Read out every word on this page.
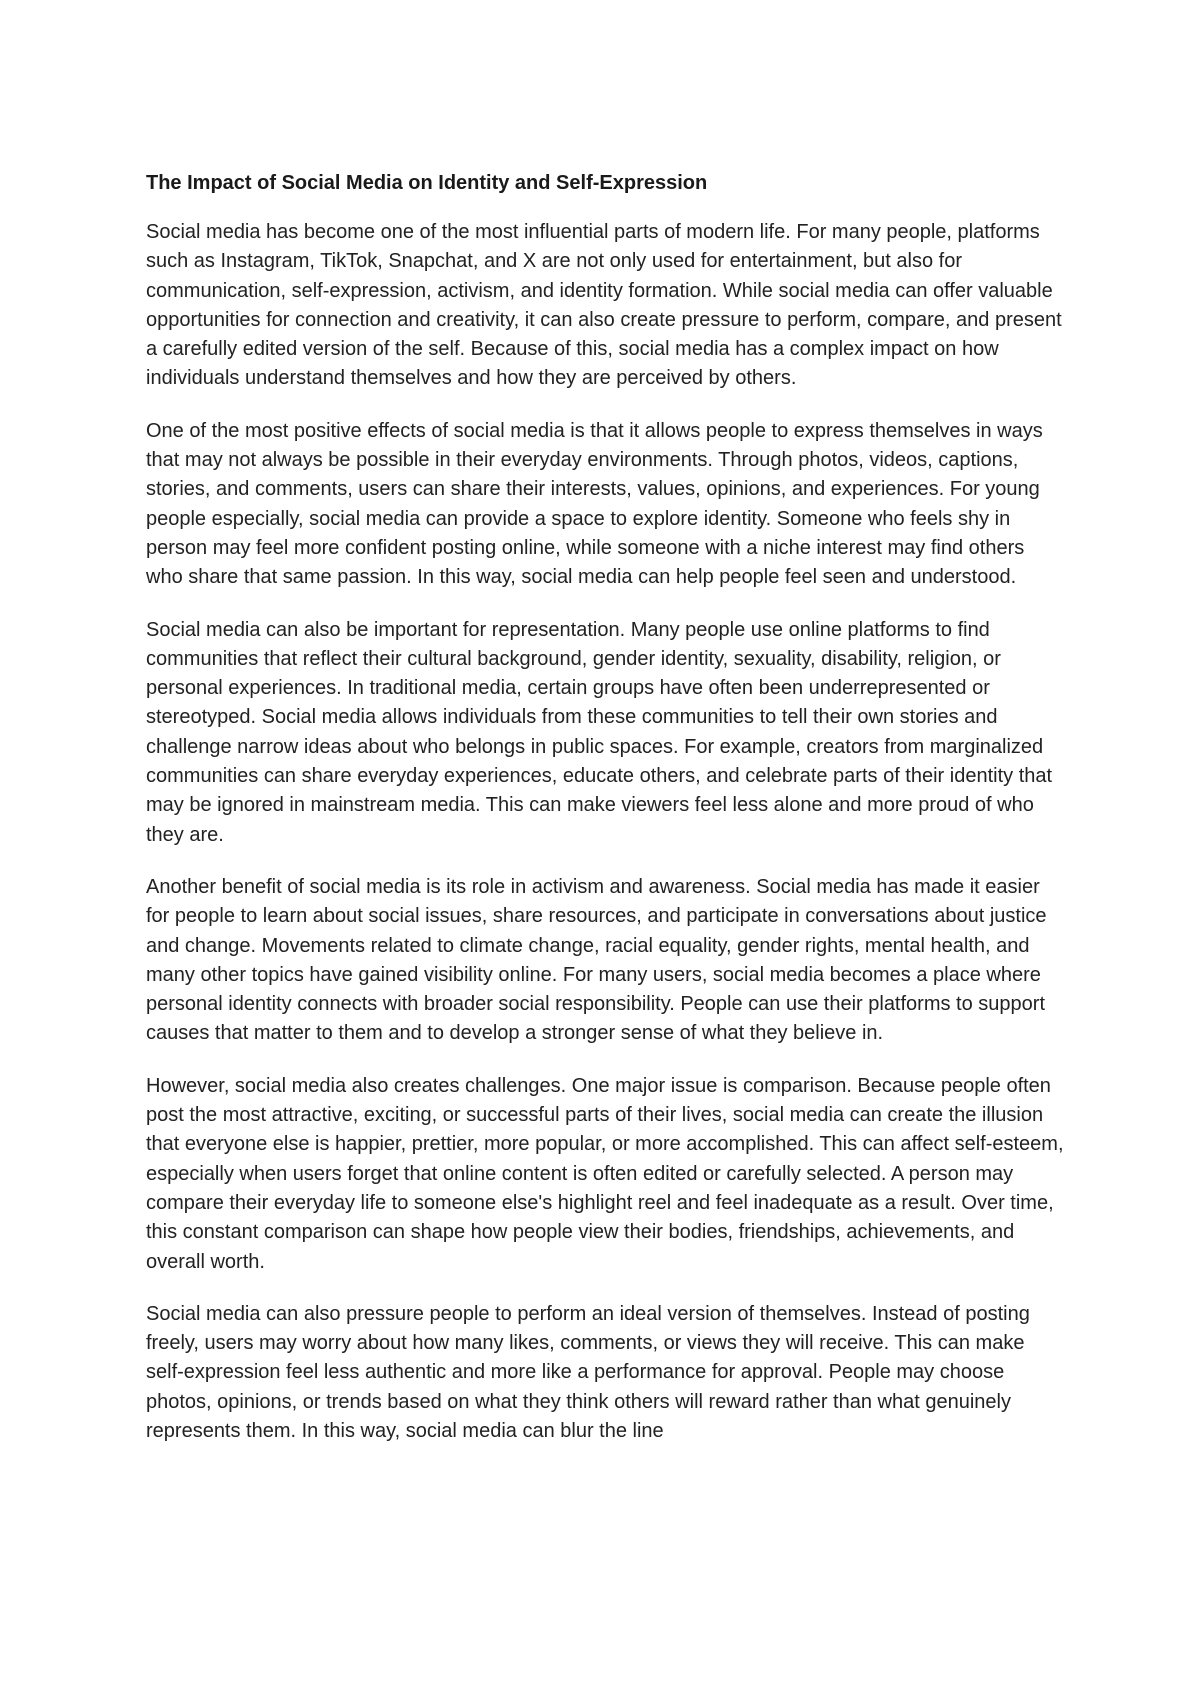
The Impact of Social Media on Identity and Self-Expression

Social media has become one of the most influential parts of modern life. For many people, platforms such as Instagram, TikTok, Snapchat, and X are not only used for entertainment, but also for communication, self-expression, activism, and identity formation. While social media can offer valuable opportunities for connection and creativity, it can also create pressure to perform, compare, and present a carefully edited version of the self. Because of this, social media has a complex impact on how individuals understand themselves and how they are perceived by others.

One of the most positive effects of social media is that it allows people to express themselves in ways that may not always be possible in their everyday environments. Through photos, videos, captions, stories, and comments, users can share their interests, values, opinions, and experiences. For young people especially, social media can provide a space to explore identity. Someone who feels shy in person may feel more confident posting online, while someone with a niche interest may find others who share that same passion. In this way, social media can help people feel seen and understood.

Social media can also be important for representation. Many people use online platforms to find communities that reflect their cultural background, gender identity, sexuality, disability, religion, or personal experiences. In traditional media, certain groups have often been underrepresented or stereotyped. Social media allows individuals from these communities to tell their own stories and challenge narrow ideas about who belongs in public spaces. For example, creators from marginalized communities can share everyday experiences, educate others, and celebrate parts of their identity that may be ignored in mainstream media. This can make viewers feel less alone and more proud of who they are.

Another benefit of social media is its role in activism and awareness. Social media has made it easier for people to learn about social issues, share resources, and participate in conversations about justice and change. Movements related to climate change, racial equality, gender rights, mental health, and many other topics have gained visibility online. For many users, social media becomes a place where personal identity connects with broader social responsibility. People can use their platforms to support causes that matter to them and to develop a stronger sense of what they believe in.

However, social media also creates challenges. One major issue is comparison. Because people often post the most attractive, exciting, or successful parts of their lives, social media can create the illusion that everyone else is happier, prettier, more popular, or more accomplished. This can affect self-esteem, especially when users forget that online content is often edited or carefully selected. A person may compare their everyday life to someone else's highlight reel and feel inadequate as a result. Over time, this constant comparison can shape how people view their bodies, friendships, achievements, and overall worth.

Social media can also pressure people to perform an ideal version of themselves. Instead of posting freely, users may worry about how many likes, comments, or views they will receive. This can make self-expression feel less authentic and more like a performance for approval. People may choose photos, opinions, or trends based on what they think others will reward rather than what genuinely represents them. In this way, social media can blur the line
